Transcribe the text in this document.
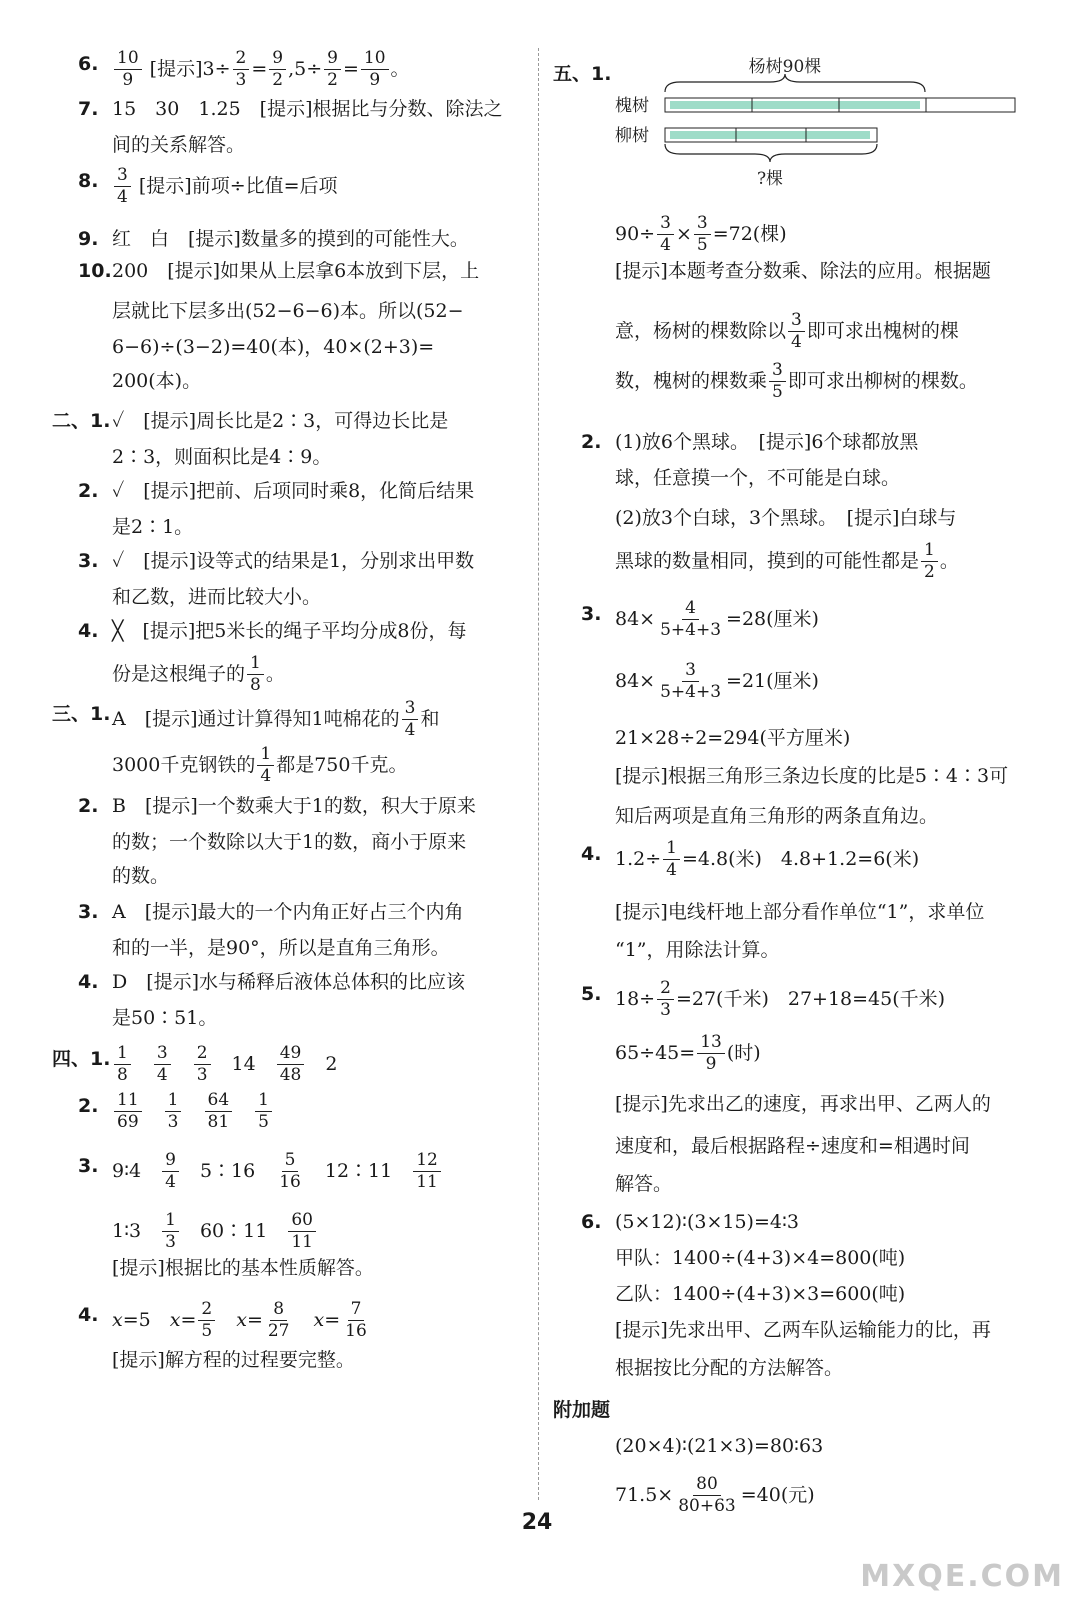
6. $\frac{10}{9}$ [提示]$3\div \frac{2}{3} = \frac{9}{2} ,5\div \frac{9}{2} = \frac{10}{9}$ 。
7. 15　30　1.25　[提示]根据比与分数、除法之
间的关系解答。
8. $\frac{3}{4}$ [提示]前项÷比值=后项
9. 红　白　[提示]数量多的摸到的可能性大。
10. 200　[提示]如果从上层拿6本放到下层，上
层就比下层多出(52−6−6)本。所以(52−
6−6)÷(3−2)=40(本)，40×(2+3)=
200(本)。
二、1. ✓　[提示]周长比是2∶3，可得边长比是
2∶3，则面积比是4∶9。
2. ✓　[提示]把前、后项同时乘8，化简后结果
是2∶1。
3. ✓　[提示]设等式的结果是1，分别求出甲数
和乙数，进而比较大小。
4. ╳　[提示]把5米长的绳子平均分成8份，每
份是这根绳子的 $\frac{1}{8}$ 。
三、1. A　[提示]通过计算得知1吨棉花的 $\frac{3}{4}$ 和
3000千克钢铁的 $\frac{1}{4}$ 都是750千克。
2. B　[提示]一个数乘大于1的数，积大于原来
的数；一个数除以大于1的数，商小于原来
的数。
3. A　[提示]最大的一个内角正好占三个内角
和的一半，是90°，所以是直角三角形。
4. D　[提示]水与稀释后液体总体积的比应该
是50∶51。
四、1. $\frac{1}{8}$
　 $\frac{3}{4}$
　 $\frac{2}{3}$ 　14　 $\frac{49}{48}$ 　2
2. $\frac{11}{69}$
　 $\frac{1}{3}$
　 $\frac{64}{81}$
　 $\frac{1}{5}$
3. 9∶4　 $\frac{9}{4}$ 　5∶16　 $\frac{5}{16}$ 　12∶11　 $\frac{12}{11}$
1∶3　 $\frac{1}{3}$ 　60∶11　 $\frac{60}{11}$
[提示]根据比的基本性质解答。
4. x=5　$x= \frac{2}{5}$
　 $x= \frac{8}{27}$
　 $x= \frac{7}{16}$
[提示]解方程的过程要完整。
五、1.
$90\div \frac{3}{4} \times \frac{3}{5} =72$(棵)
[提示]本题考查分数乘、除法的应用。根据题
意，杨树的棵数除以 $\frac{3}{4}$ 即可求出槐树的棵
数，槐树的棵数乘 $\frac{3}{5}$ 即可求出柳树的棵数。
2. (1)放6个黑球。　[提示]6个球都放黑
球，任意摸一个，不可能是白球。
(2)放3个白球，3个黑球。　[提示]白球与
黑球的数量相同，摸到的可能性都是 $\frac{1}{2}$ 。
3. $84\times \frac{4}{5+4+3} =28$(厘米)
$84\times \frac{3}{5+4+3} =21$(厘米)
21×28÷2=294(平方厘米)
[提示]根据三角形三条边长度的比是5∶4∶3可
知后两项是直角三角形的两条直角边。
4. $1.2\div \frac{1}{4} =4.8$(米)　4.8+1.2=6(米)
[提示]电线杆地上部分看作单位“1”，求单位
“1”，用除法计算。
5. $18\div \frac{2}{3} =27$(千米)　27+18=45(千米)
$65\div 45= \frac{13}{9}$ (时)
[提示]先求出乙的速度，再求出甲、乙两人的
速度和，最后根据路程÷速度和=相遇时间
解答。
6. (5×12)∶(3×15)=4∶3
甲队：1400÷(4+3)×4=800(吨)
乙队：1400÷(4+3)×3=600(吨)
[提示]先求出甲、乙两车队运输能力的比，再
根据按比分配的方法解答。
附加题
(20×4)∶(21×3)=80∶63
$71.5\times \frac{80}{80+63} =40$(元)
杨树90棵
槐树
柳树
?棵
24
MXQE.COM
